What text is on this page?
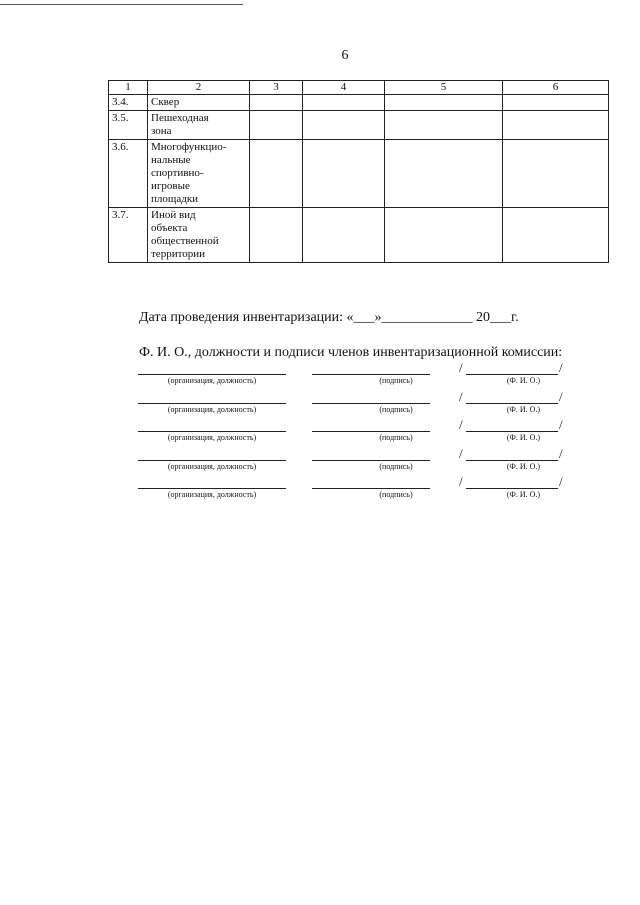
6
1	2	3	4	5	6
3.4.	Сквер				

3.5.	Пешеходная
зона				

3.6.	Многофункцио-
нальные
спортивно-
игровые
площадки				

3.7.	Иной вид
объекта
общественной
территории				

Дата проведения инвентаризации: «___»_____________ 20___г.
Ф. И. О., должности и подписи членов инвентаризационной комиссии:
/	/
(организация, должность)	(подпись)	(Ф. И. О.)
/	/
(организация, должность)	(подпись)	(Ф. И. О.)
/	/
(организация, должность)	(подпись)	(Ф. И. О.)
/	/
(организация, должность)	(подпись)	(Ф. И. О.)
/	/
(организация, должность)	(подпись)	(Ф. И. О.)
